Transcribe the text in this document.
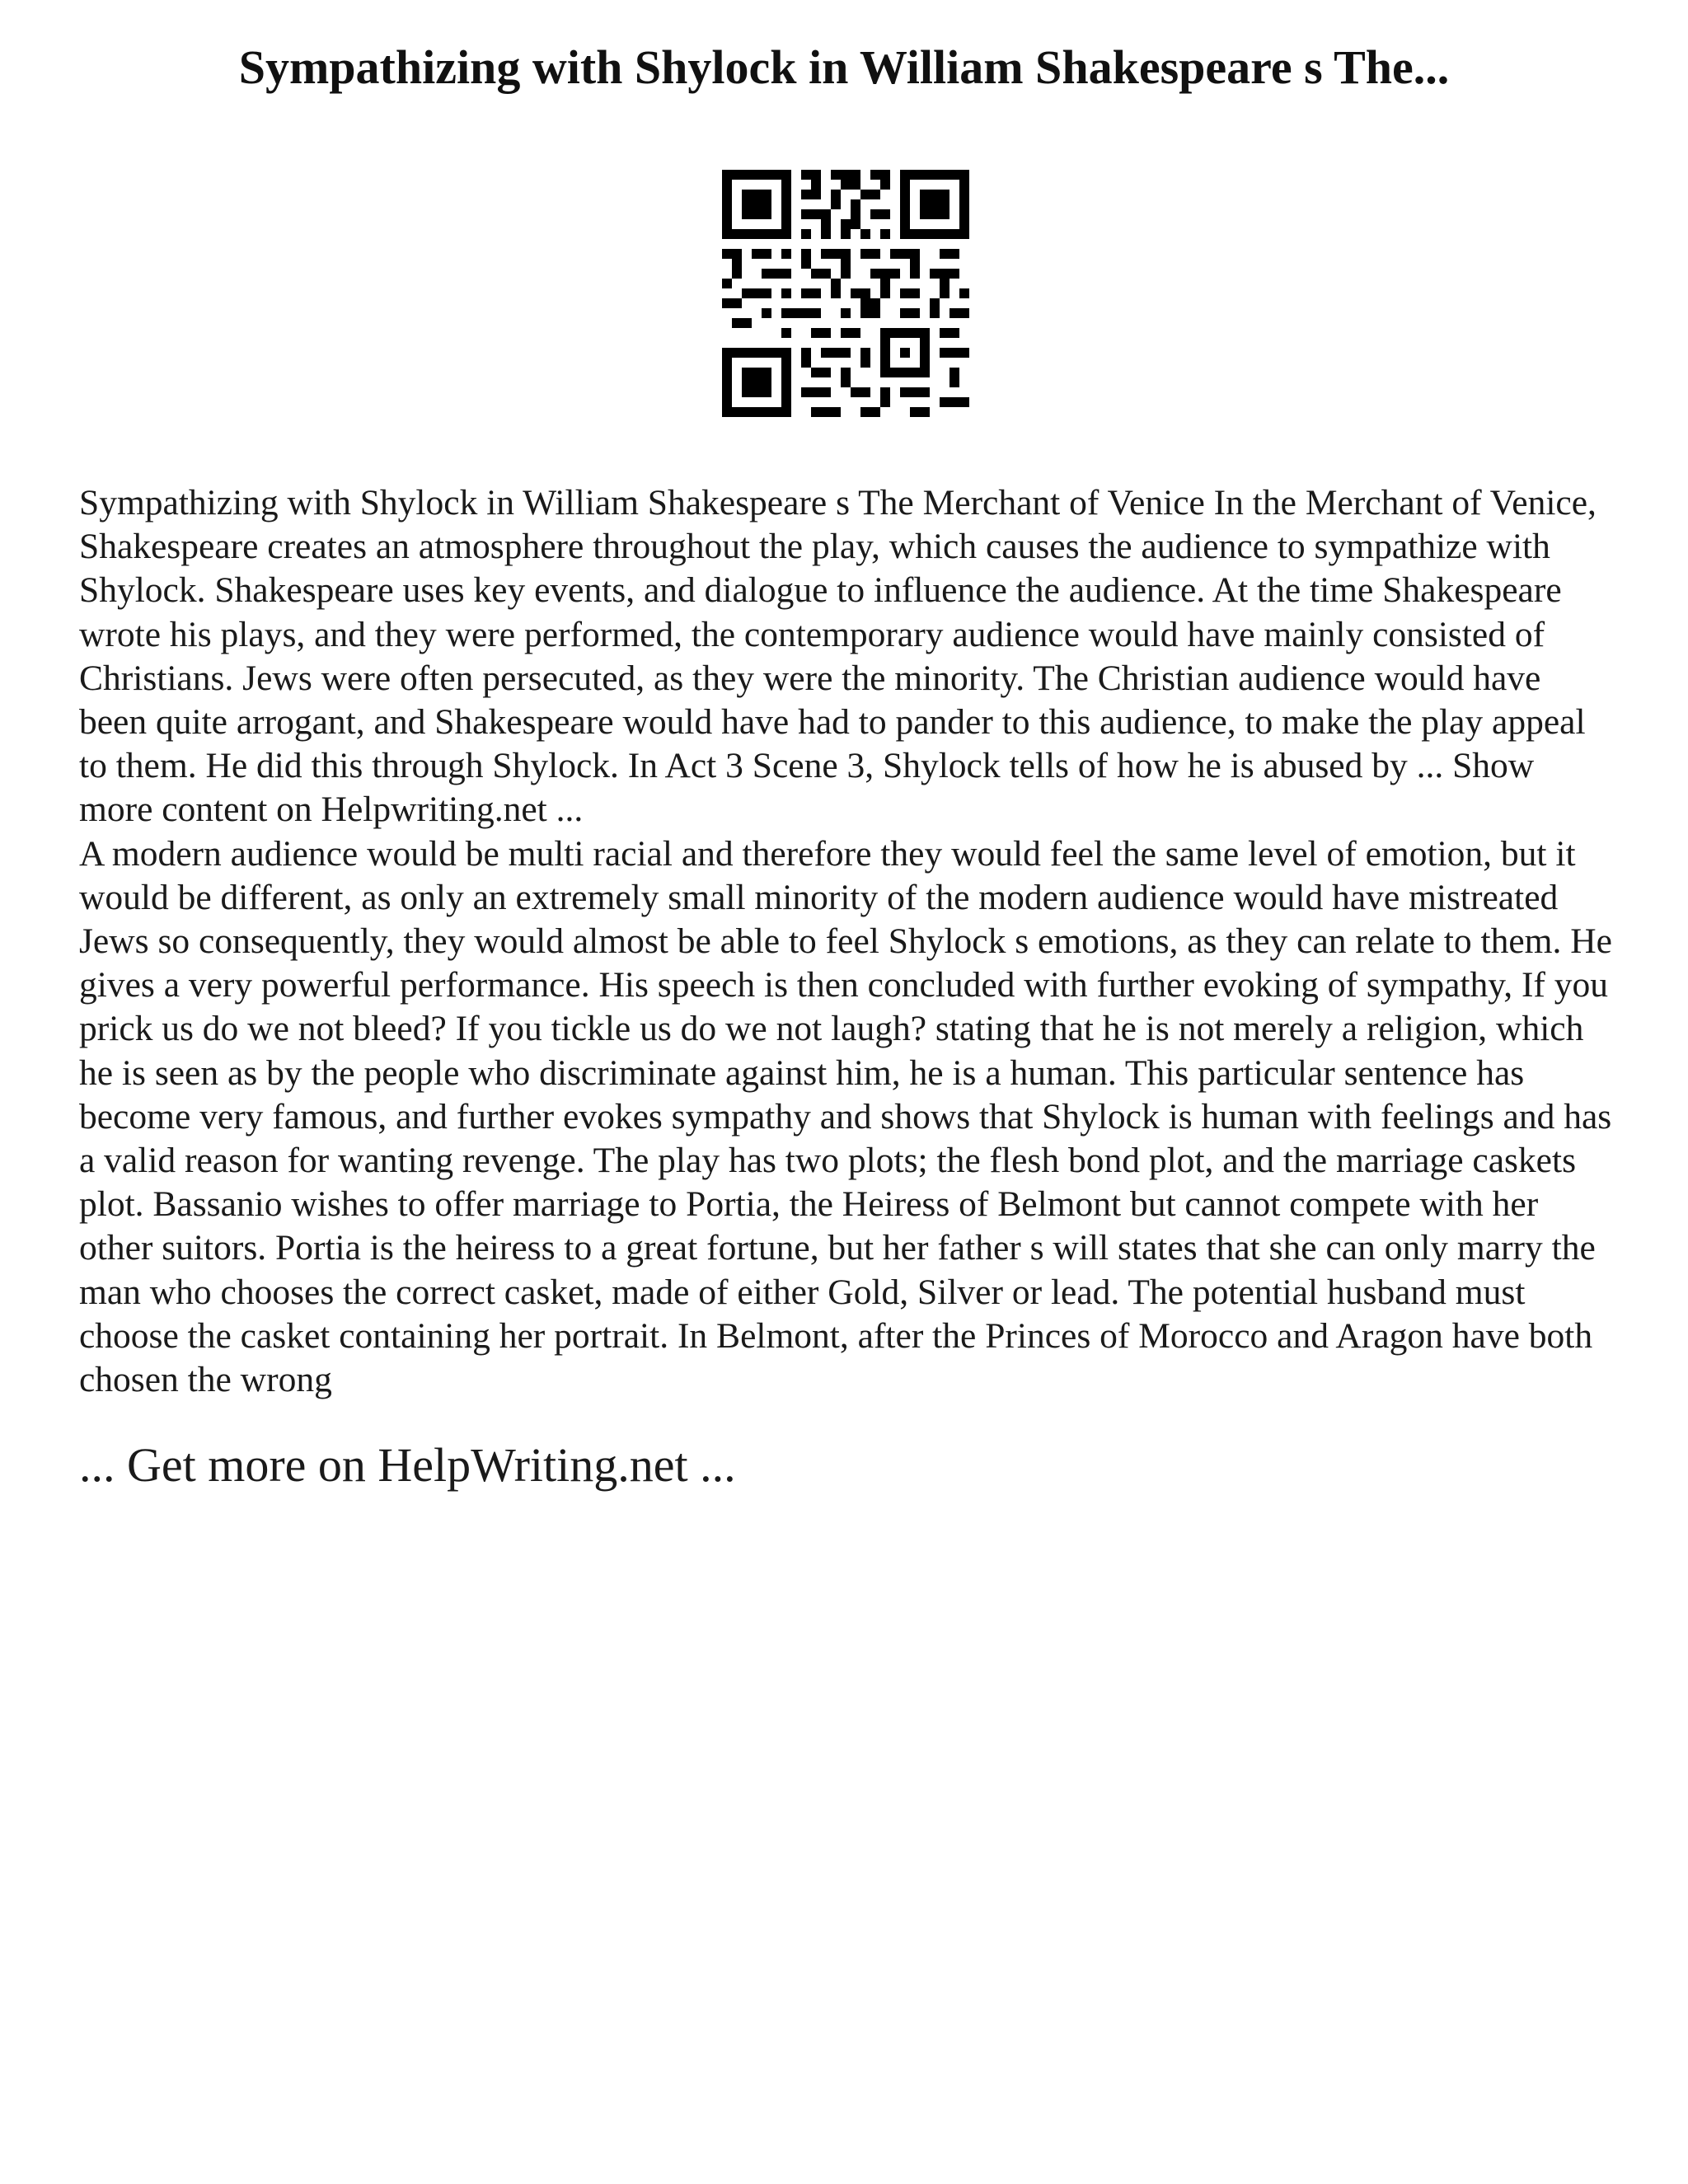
Sympathizing with Shylock in William Shakespeare s The...

Sympathizing with Shylock in William Shakespeare s The Merchant of Venice In the Merchant of Venice, Shakespeare creates an atmosphere throughout the play, which causes the audience to sympathize with Shylock. Shakespeare uses key events, and dialogue to influence the audience. At the time Shakespeare wrote his plays, and they were performed, the contemporary audience would have mainly consisted of Christians. Jews were often persecuted, as they were the minority. The Christian audience would have been quite arrogant, and Shakespeare would have had to pander to this audience, to make the play appeal to them. He did this through Shylock. In Act 3 Scene 3, Shylock tells of how he is abused by ... Show more content on Helpwriting.net ...

A modern audience would be multi racial and therefore they would feel the same level of emotion, but it would be different, as only an extremely small minority of the modern audience would have mistreated Jews so consequently, they would almost be able to feel Shylock s emotions, as they can relate to them. He gives a very powerful performance. His speech is then concluded with further evoking of sympathy, If you prick us do we not bleed? If you tickle us do we not laugh? stating that he is not merely a religion, which he is seen as by the people who discriminate against him, he is a human. This particular sentence has become very famous, and further evokes sympathy and shows that Shylock is human with feelings and has a valid reason for wanting revenge. The play has two plots; the flesh bond plot, and the marriage caskets plot. Bassanio wishes to offer marriage to Portia, the Heiress of Belmont but cannot compete with her other suitors. Portia is the heiress to a great fortune, but her father s will states that she can only marry the man who chooses the correct casket, made of either Gold, Silver or lead. The potential husband must choose the casket containing her portrait. In Belmont, after the Princes of Morocco and Aragon have both chosen the wrong

... Get more on HelpWriting.net ...
